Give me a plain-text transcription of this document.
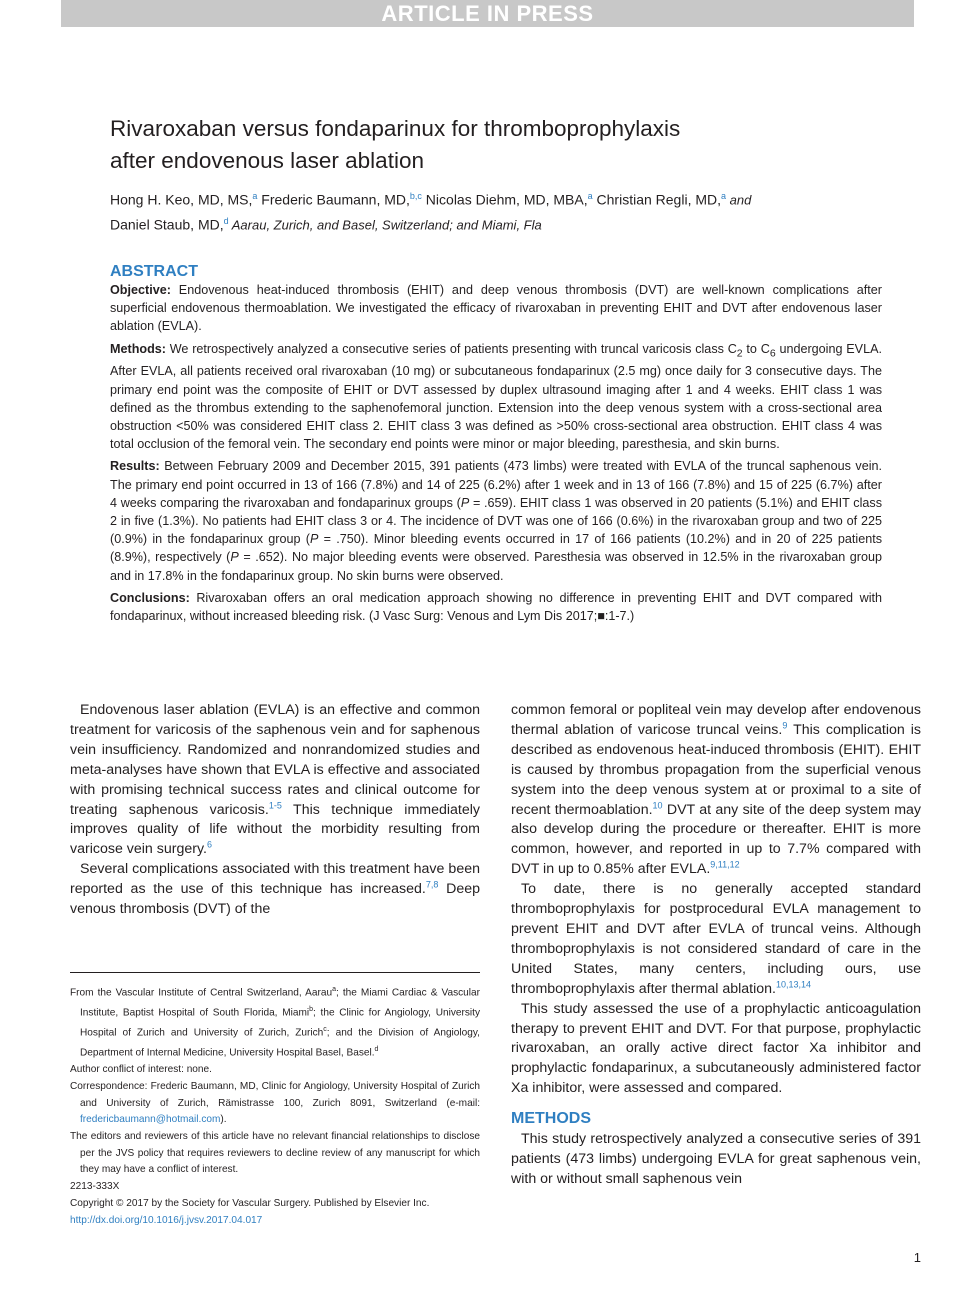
ARTICLE IN PRESS
Rivaroxaban versus fondaparinux for thromboprophylaxis
after endovenous laser ablation
Hong H. Keo, MD, MS,$^a$ Frederic Baumann, MD,$^{b,c}$ Nicolas Diehm, MD, MBA,$^a$ Christian Regli, MD,$^a$ and
Daniel Staub, MD,$^d$ Aarau, Zurich, and Basel, Switzerland; and Miami, Fla
ABSTRACT

Objective: Endovenous heat-induced thrombosis (EHIT) and deep venous thrombosis (DVT) are well-known complications after superficial endovenous thermoablation. We investigated the efficacy of rivaroxaban in preventing EHIT and DVT after endovenous laser ablation (EVLA).

Methods: We retrospectively analyzed a consecutive series of patients presenting with truncal varicosis class $C_2$ to $C_6$ undergoing EVLA. After EVLA, all patients received oral rivaroxaban (10 mg) or subcutaneous fondaparinux (2.5 mg) once daily for 3 consecutive days. The primary end point was the composite of EHIT or DVT assessed by duplex ultrasound imaging after 1 and 4 weeks. EHIT class 1 was defined as the thrombus extending to the saphenofemoral junction. Extension into the deep venous system with a cross-sectional area obstruction <50% was considered EHIT class 2. EHIT class 3 was defined as >50% cross-sectional area obstruction. EHIT class 4 was total occlusion of the femoral vein. The secondary end points were minor or major bleeding, paresthesia, and skin burns.

Results: Between February 2009 and December 2015, 391 patients (473 limbs) were treated with EVLA of the truncal saphenous vein. The primary end point occurred in 13 of 166 (7.8%) and 14 of 225 (6.2%) after 1 week and in 13 of 166 (7.8%) and 15 of 225 (6.7%) after 4 weeks comparing the rivaroxaban and fondaparinux groups (P = .659). EHIT class 1 was observed in 20 patients (5.1%) and EHIT class 2 in five (1.3%). No patients had EHIT class 3 or 4. The incidence of DVT was one of 166 (0.6%) in the rivaroxaban group and two of 225 (0.9%) in the fondaparinux group (P = .750). Minor bleeding events occurred in 17 of 166 patients (10.2%) and in 20 of 225 patients (8.9%), respectively (P = .652). No major bleeding events were observed. Paresthesia was observed in 12.5% in the rivaroxaban group and in 17.8% in the fondaparinux group. No skin burns were observed.

Conclusions: Rivaroxaban offers an oral medication approach showing no difference in preventing EHIT and DVT compared with fondaparinux, without increased bleeding risk. (J Vasc Surg: Venous and Lym Dis 2017;■:1-7.)

Endovenous laser ablation (EVLA) is an effective and common treatment for varicosis of the saphenous vein and for saphenous vein insufficiency. Randomized and nonrandomized studies and meta-analyses have shown that EVLA is effective and associated with promising technical success rates and clinical outcome for treating saphenous varicosis.$^{1-5}$ This technique immediately improves quality of life without the morbidity resulting from varicose vein surgery.$^6$

Several complications associated with this treatment have been reported as the use of this technique has increased.$^{7,8}$ Deep venous thrombosis (DVT) of the

From the Vascular Institute of Central Switzerland, Aarau$^a$; the Miami Cardiac & Vascular Institute, Baptist Hospital of South Florida, Miami$^b$; the Clinic for Angiology, University Hospital of Zurich and University of Zurich, Zurich$^c$; and the Division of Angiology, Department of Internal Medicine, University Hospital Basel, Basel.$^d$

Author conflict of interest: none.

Correspondence: Frederic Baumann, MD, Clinic for Angiology, University Hospital of Zurich and University of Zurich, Rämistrasse 100, Zurich 8091, Switzerland (e-mail: fredericbaumann@hotmail.com).

The editors and reviewers of this article have no relevant financial relationships to disclose per the JVS policy that requires reviewers to decline review of any manuscript for which they may have a conflict of interest.

2213-333X

Copyright © 2017 by the Society for Vascular Surgery. Published by Elsevier Inc.

http://dx.doi.org/10.1016/j.jvsv.2017.04.017

common femoral or popliteal vein may develop after endovenous thermal ablation of varicose truncal veins.$^9$ This complication is described as endovenous heat-induced thrombosis (EHIT). EHIT is caused by thrombus propagation from the superficial venous system into the deep venous system at or proximal to a site of recent thermoablation.$^{10}$ DVT at any site of the deep system may also develop during the procedure or thereafter. EHIT is more common, however, and reported in up to 7.7% compared with DVT in up to 0.85% after EVLA.$^{9,11,12}$

To date, there is no generally accepted standard thromboprophylaxis for postprocedural EVLA management to prevent EHIT and DVT after EVLA of truncal veins. Although thromboprophylaxis is not considered standard of care in the United States, many centers, including ours, use thromboprophylaxis after thermal ablation.$^{10,13,14}$

This study assessed the use of a prophylactic anticoagulation therapy to prevent EHIT and DVT. For that purpose, prophylactic rivaroxaban, an orally active direct factor Xa inhibitor and prophylactic fondaparinux, a subcutaneously administered factor Xa inhibitor, were assessed and compared.

METHODS

This study retrospectively analyzed a consecutive series of 391 patients (473 limbs) undergoing EVLA for great saphenous vein, with or without small saphenous vein

1
